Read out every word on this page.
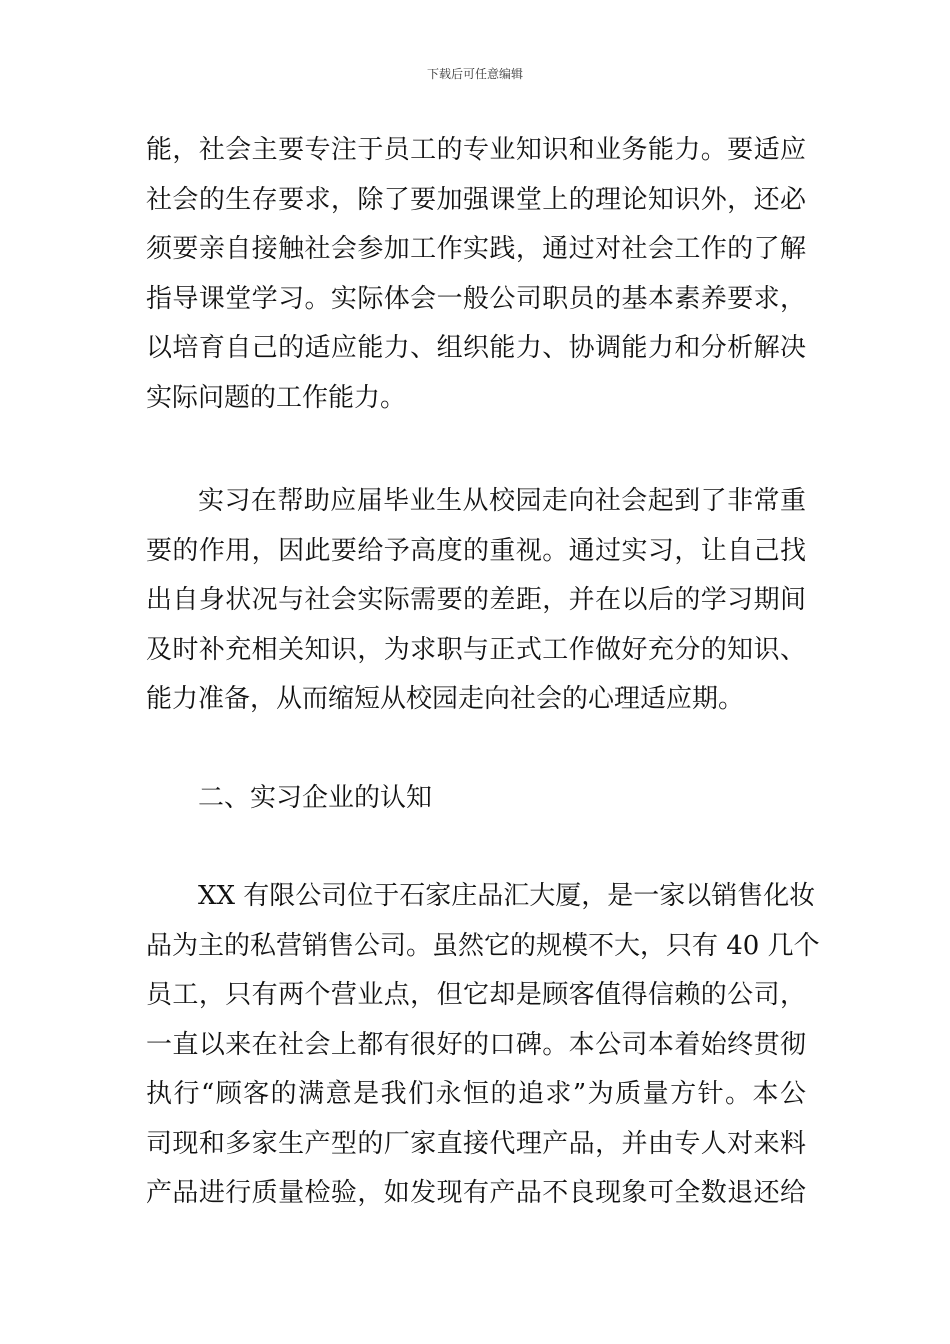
下载后可任意编辑

能，社会主要专注于员工的专业知识和业务能力。要适应
社会的生存要求，除了要加强课堂上的理论知识外，还必
须要亲自接触社会参加工作实践，通过对社会工作的了解
指导课堂学习。实际体会一般公司职员的基本素养要求，
以培育自己的适应能力、组织能力、协调能力和分析解决
实际问题的工作能力。

实习在帮助应届毕业生从校园走向社会起到了非常重
要的作用，因此要给予高度的重视。通过实习，让自己找
出自身状况与社会实际需要的差距，并在以后的学习期间
及时补充相关知识，为求职与正式工作做好充分的知识、
能力准备，从而缩短从校园走向社会的心理适应期。

二、实习企业的认知

XX 有限公司位于石家庄品汇大厦，是一家以销售化妆
品为主的私营销售公司。虽然它的规模不大，只有 40 几个
员工，只有两个营业点，但它却是顾客值得信赖的公司，
一直以来在社会上都有很好的口碑。本公司本着始终贯彻
执行“顾客的满意是我们永恒的追求”为质量方针。本公
司现和多家生产型的厂家直接代理产品，并由专人对来料
产品进行质量检验，如发现有产品不良现象可全数退还给
